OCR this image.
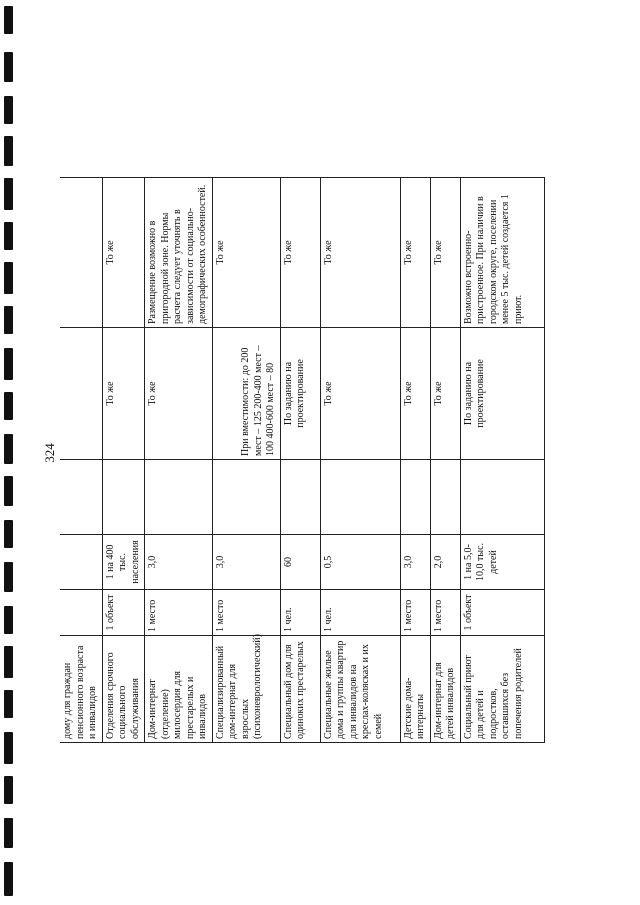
324
дому для граждан пенсионного возраста и инвалидов					
Отделения срочного социального обслуживания	1 объект	1 на 400 тыс. населения		То же	То же
Дом-интернат (отделение) милосердия для престарелых и инвалидов	1 место	3,0		То же	Размещение возможно в пригородной зоне. Нормы расчета следует уточнять в зависимости от социально-демографических особенностей.
Специализированный дом-интернат для взрослых (психоневрологический)	1 место	3,0		При вместимости: до 200 мест – 125 200-400 мест – 100 400-600 мест – 80	То же
Специальный дом для одиноких престарелых	1 чел.	60		По заданию на проектирование	То же
Специальные жилые дома и группы квартир для инвалидов на креслах-колясках и их семей	1 чел.	0,5		То же	То же
Детские дома-интернаты	1 место	3,0		То же	То же
Дом-интернат для детей инвалидов	1 место	2,0		То же	То же
Социальный приют для детей и подростков, оставшихся без попечения родителей	1 объект	1 на 5,0-10,0 тыс. детей		По заданию на проектирование	Возможно встроенно-пристроенное. При наличии в городском округе, поселении менее 5 тыс. детей создается 1 приют.
